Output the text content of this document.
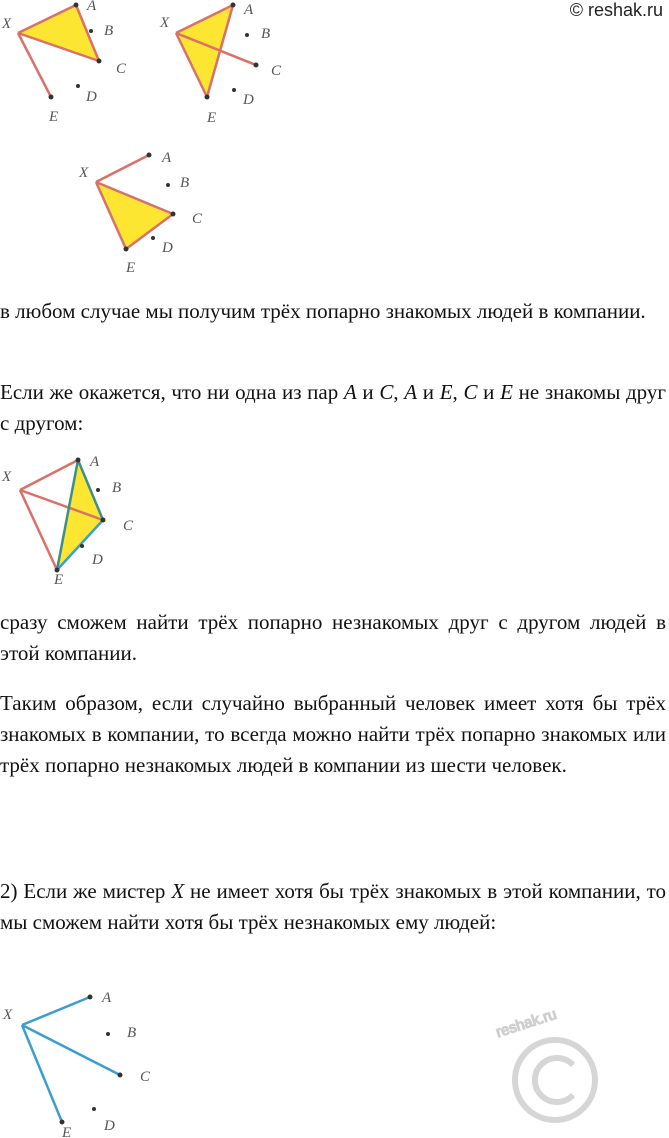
© reshak.ru
X
A
B
C
D
E
X
A
B
C
D
E
X
A
B
C
D
E

в любом случае мы получим трёх попарно знакомых людей в компании.

Если же окажется, что ни одна из пар A и C, A и E, C и E не знакомы друг с другом:

X
A
B
C
D
E

сразу сможем найти трёх попарно незнакомых друг с другом людей в этой компании.

Таким образом, если случайно выбранный человек имеет хотя бы трёх знакомых в компании, то всегда можно найти трёх попарно знакомых или трёх попарно незнакомых людей в компании из шести человек.

2) Если же мистер X не имеет хотя бы трёх знакомых в этой компании, то мы сможем найти хотя бы трёх незнакомых ему людей:

X
A
B
C
D
E
reshak.ru
